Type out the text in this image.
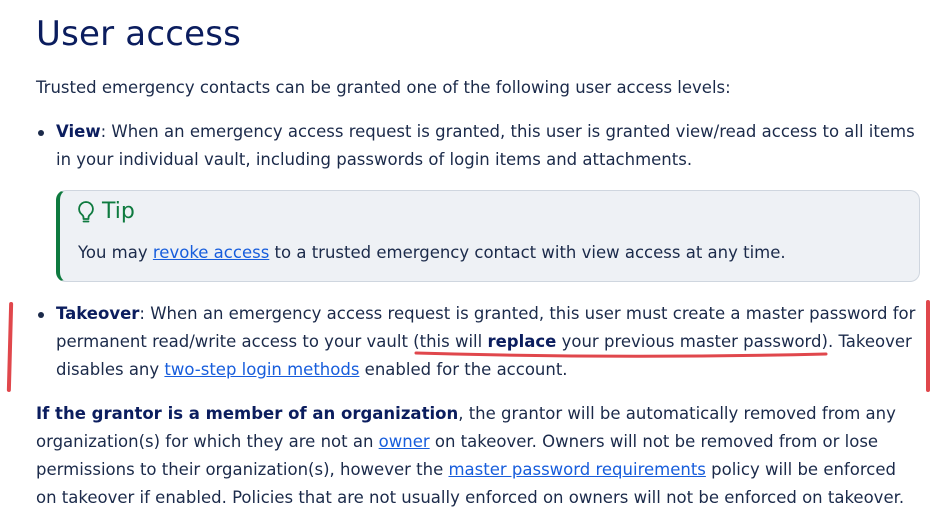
User access

Trusted emergency contacts can be granted one of the following user access levels:

View: When an emergency access request is granted, this user is granted view/read access to all items in your individual vault, including passwords of login items and attachments.
Tip

You may revoke access to a trusted emergency contact with view access at any time.

Takeover: When an emergency access request is granted, this user must create a master password for permanent read/write access to your vault (this will replace your previous master password). Takeover disables any two-step login methods enabled for the account.

If the grantor is a member of an organization, the grantor will be automatically removed from any organization(s) for which they are not an owner on takeover. Owners will not be removed from or lose permissions to their organization(s), however the master password requirements policy will be enforced on takeover if enabled. Policies that are not usually enforced on owners will not be enforced on takeover.
